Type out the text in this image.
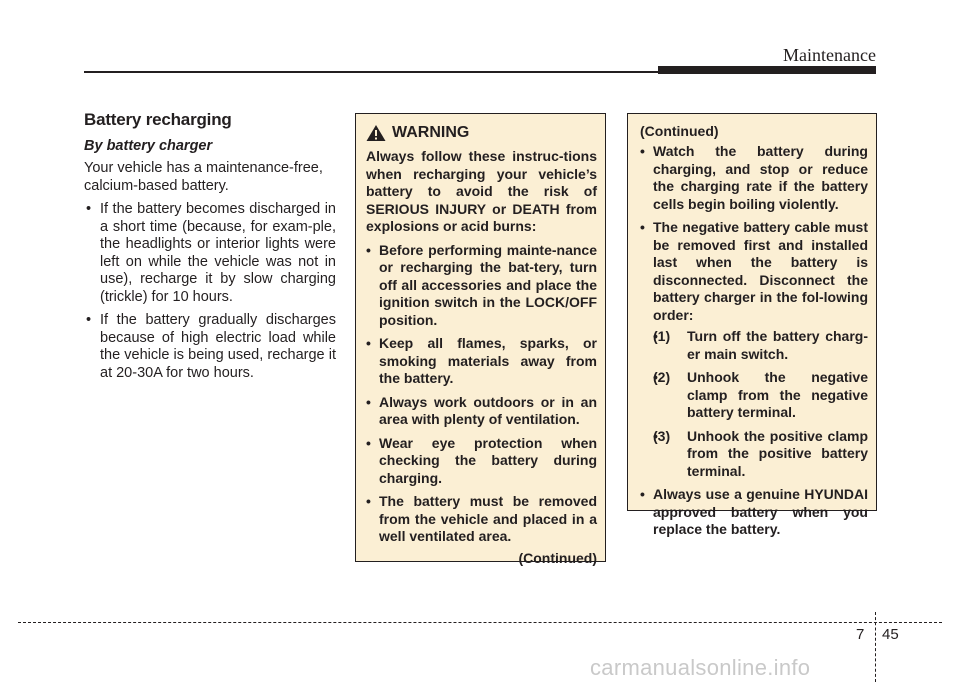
Maintenance
Battery recharging
By battery charger

Your vehicle has a maintenance-free, calcium-based battery.

• If the battery becomes discharged in a short time (because, for exam-ple, the headlights or interior lights were left on while the vehicle was not in use), recharge it by slow charging (trickle) for 10 hours.
• If the battery gradually discharges because of high electric load while the vehicle is being used, recharge it at 20-30A for two hours.
WARNING

Always follow these instruc-tions when recharging your vehicle’s battery to avoid the risk of SERIOUS INJURY or DEATH from explosions or acid burns:

• Before performing mainte-nance or recharging the bat-tery, turn off all accessories and place the ignition switch in the LOCK/OFF position.
• Keep all flames, sparks, or smoking materials away from the battery.
• Always work outdoors or in an area with plenty of ventilation.
• Wear eye protection when checking the battery during charging.
• The battery must be removed from the vehicle and placed in a well ventilated area.
(Continued)
(Continued)
• Watch the battery during charging, and stop or reduce the charging rate if the battery cells begin boiling violently.
• The negative battery cable must be removed first and installed last when the battery is disconnected. Disconnect the battery charger in the fol-lowing order:
• (1) Turn off the battery charg-er main switch.
• (2) Unhook the negative clamp from the negative battery terminal.
• (3) Unhook the positive clamp from the positive battery terminal.
• Always use a genuine HYUNDAI approved battery when you replace the battery.
7 45
carmanualsonline.info
